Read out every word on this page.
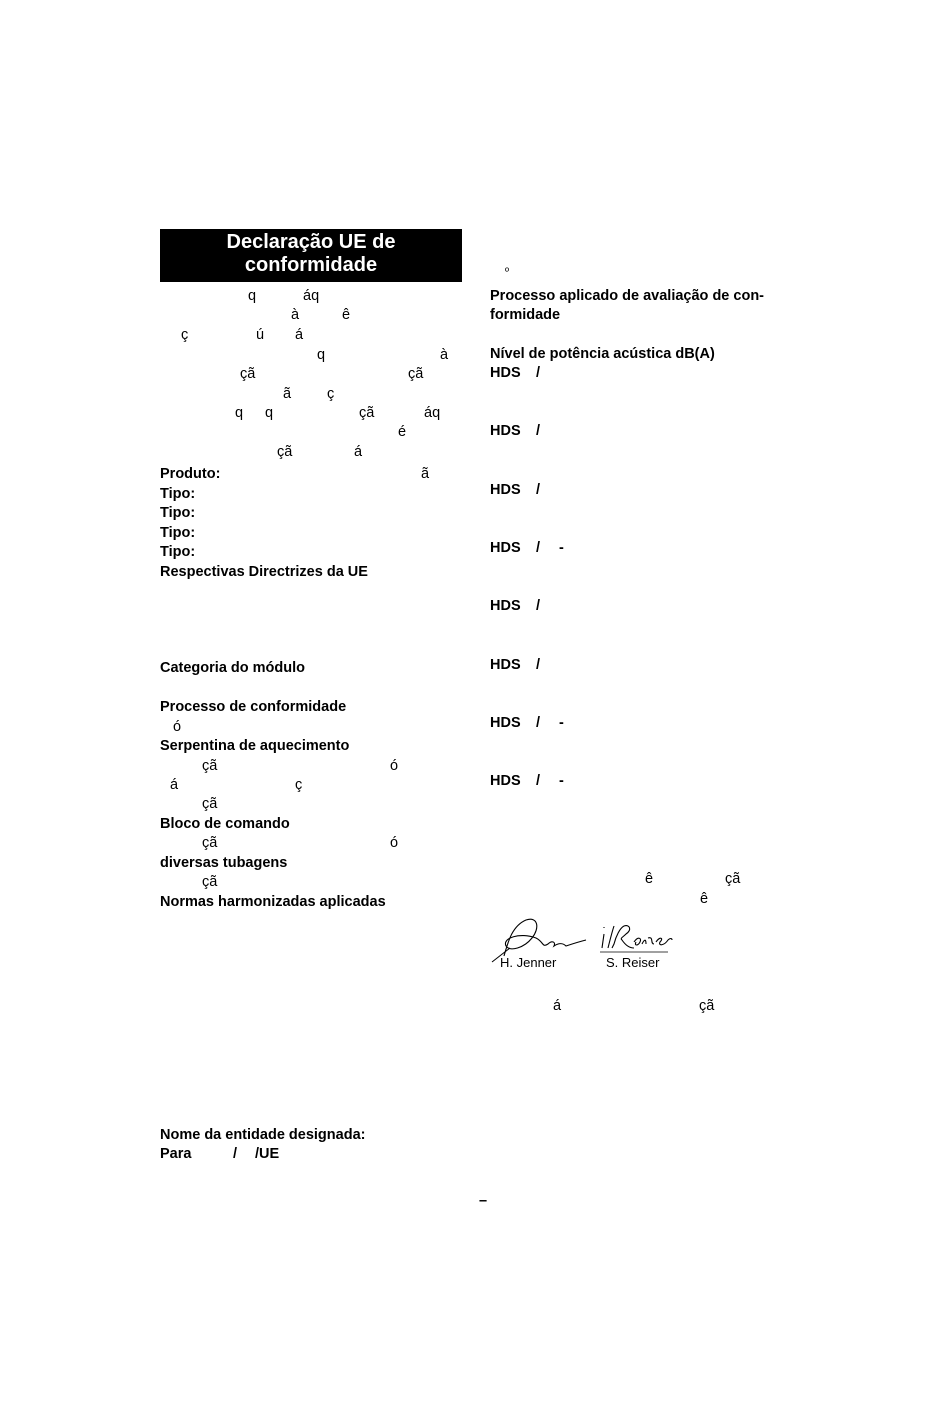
Declaração UE de
conformidade
q	áq
à	ê
ç	ú á
q	à
çã	çã
ã ç
q q	çã	áq
é
çã	á
Produto:	ã
Tipo:
Tipo:
Tipo:
Tipo:
Respectivas Directrizes da UE
Categoria do módulo
Processo de conformidade
ó
Serpentina de aquecimento
çã	ó
á	ç
çã
Bloco de comando
çã	ó
diversas tubagens
çã
Normas harmonizadas aplicadas
Nome da entidade designada:
Para	/ /UE
º
Processo aplicado de avaliação de con-
formidade
Nível de potência acústica dB(A)
HDS /
HDS /
HDS /
HDS / -
HDS /
HDS /
HDS / -
HDS / -
ê	çã
ê
H. Jenner	S. Reiser
á	çã
–
